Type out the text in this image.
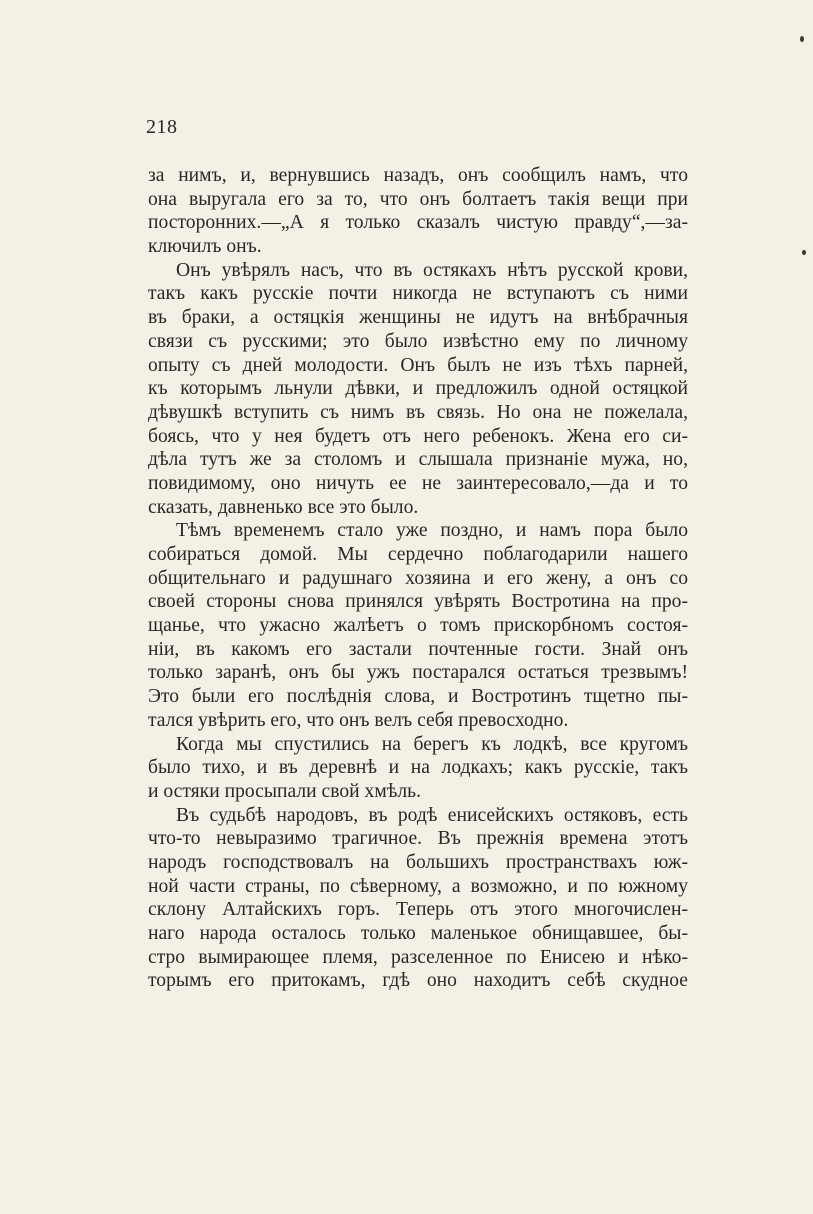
218
за нимъ, и, вернувшись назадъ, онъ сообщилъ намъ, что
она выругала его за то, что онъ болтаетъ такія вещи при
посторонних.—„А я только сказалъ чистую правду“,—за-
ключилъ онъ.
Онъ увѣрялъ насъ, что въ остякахъ нѣтъ русской крови,
такъ какъ русскіе почти никогда не вступаютъ съ ними
въ браки, а остяцкія женщины не идутъ на внѣбрачныя
связи съ русскими; это было извѣстно ему по личному
опыту съ дней молодости. Онъ былъ не изъ тѣхъ парней,
къ которымъ льнули дѣвки, и предложилъ одной остяцкой
дѣвушкѣ вступить съ нимъ въ связь. Но она не пожелала,
боясь, что у нея будетъ отъ него ребенокъ. Жена его си-
дѣла тутъ же за столомъ и слышала признаніе мужа, но,
повидимому, оно ничуть ее не заинтересовало,—да и то
сказать, давненько все это было.
Тѣмъ временемъ стало уже поздно, и намъ пора было
собираться домой. Мы сердечно поблагодарили нашего
общительнаго и радушнаго хозяина и его жену, а онъ со
своей стороны снова принялся увѣрять Востротина на про-
щанье, что ужасно жалѣетъ о томъ прискорбномъ состоя-
ніи, въ какомъ его застали почтенные гости. Знай онъ
только заранѣ, онъ бы ужъ постарался остаться трезвымъ!
Это были его послѣднія слова, и Востротинъ тщетно пы-
тался увѣрить его, что онъ велъ себя превосходно.
Когда мы спустились на берегъ къ лодкѣ, все кругомъ
было тихо, и въ деревнѣ и на лодкахъ; какъ русскіе, такъ
и остяки просыпали свой хмѣль.
Въ судьбѣ народовъ, въ родѣ енисейскихъ остяковъ, есть
что-то невыразимо трагичное. Въ прежнія времена этотъ
народъ господствовалъ на большихъ пространствахъ юж-
ной части страны, по сѣверному, а возможно, и по южному
склону Алтайскихъ горъ. Теперь отъ этого многочислен-
наго народа осталось только маленькое обнищавшее, бы-
стро вымирающее племя, разселенное по Енисею и нѣко-
торымъ его притокамъ, гдѣ оно находитъ себѣ скудное
